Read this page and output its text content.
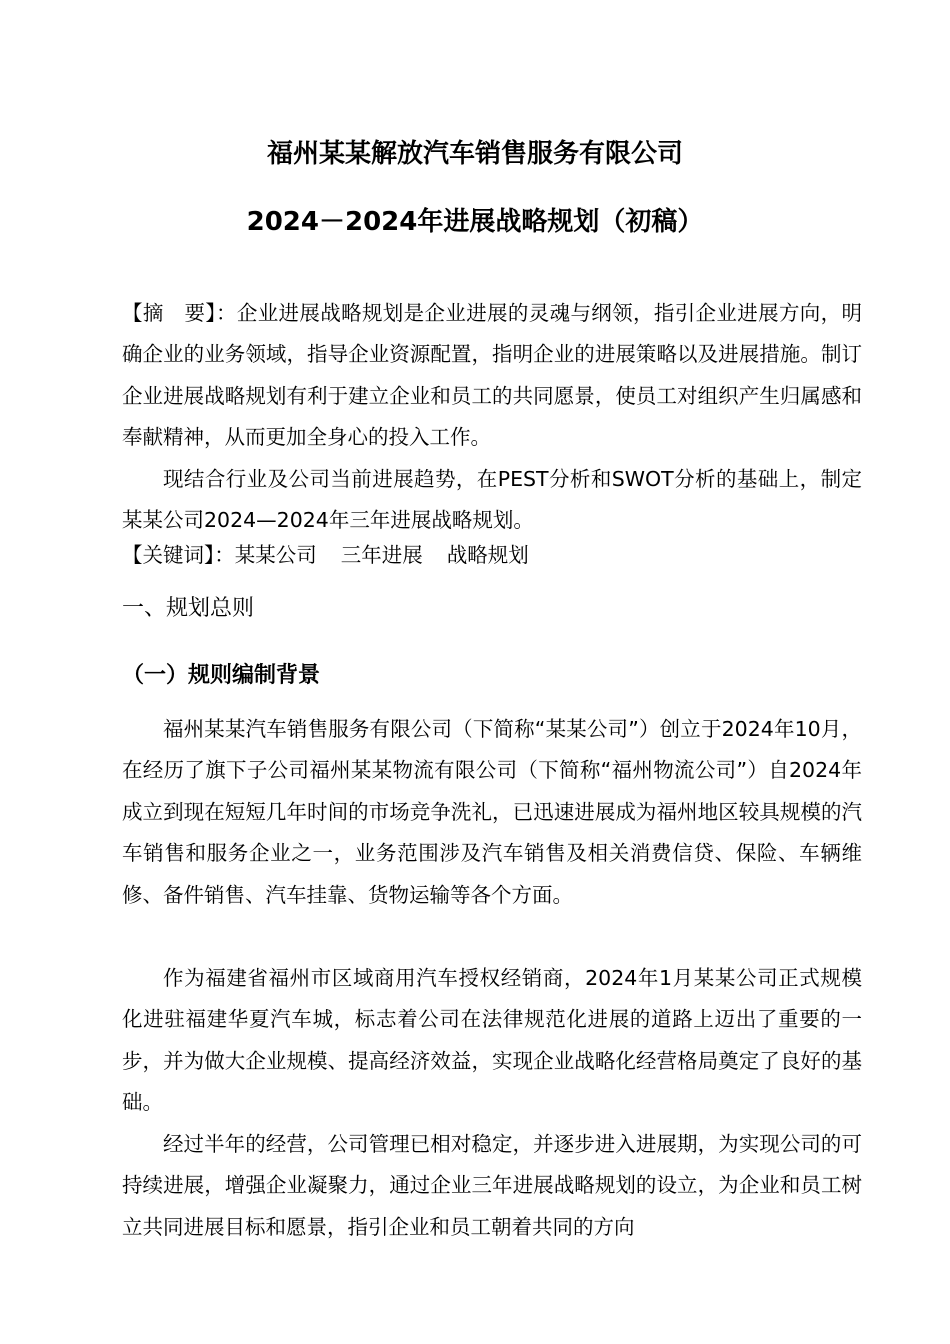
福州某某解放汽车销售服务有限公司
2024－2024年进展战略规划（初稿）

【摘　要】：企业进展战略规划是企业进展的灵魂与纲领，指引企业进展方向，明确企业的业务领域，指导企业资源配置，指明企业的进展策略以及进展措施。制订企业进展战略规划有利于建立企业和员工的共同愿景，使员工对组织产生归属感和奉献精神，从而更加全身心的投入工作。

现结合行业及公司当前进展趋势，在PEST分析和SWOT分析的基础上，制定某某公司2024—2024年三年进展战略规划。

【关键词】：某某公司 三年进展 战略规划
一、规划总则
（一）规则编制背景

福州某某汽车销售服务有限公司（下简称“某某公司”）创立于2024年10月，在经历了旗下子公司福州某某物流有限公司（下简称“福州物流公司”）自2024年成立到现在短短几年时间的市场竞争洗礼，已迅速进展成为福州地区较具规模的汽车销售和服务企业之一，业务范围涉及汽车销售及相关消费信贷、保险、车辆维修、备件销售、汽车挂靠、货物运输等各个方面。

作为福建省福州市区域商用汽车授权经销商，2024年1月某某公司正式规模化进驻福建华夏汽车城，标志着公司在法律规范化进展的道路上迈出了重要的一步，并为做大企业规模、提高经济效益，实现企业战略化经营格局奠定了良好的基础。

经过半年的经营，公司管理已相对稳定，并逐步进入进展期，为实现公司的可持续进展，增强企业凝聚力，通过企业三年进展战略规划的设立，为企业和员工树立共同进展目标和愿景，指引企业和员工朝着共同的方向
